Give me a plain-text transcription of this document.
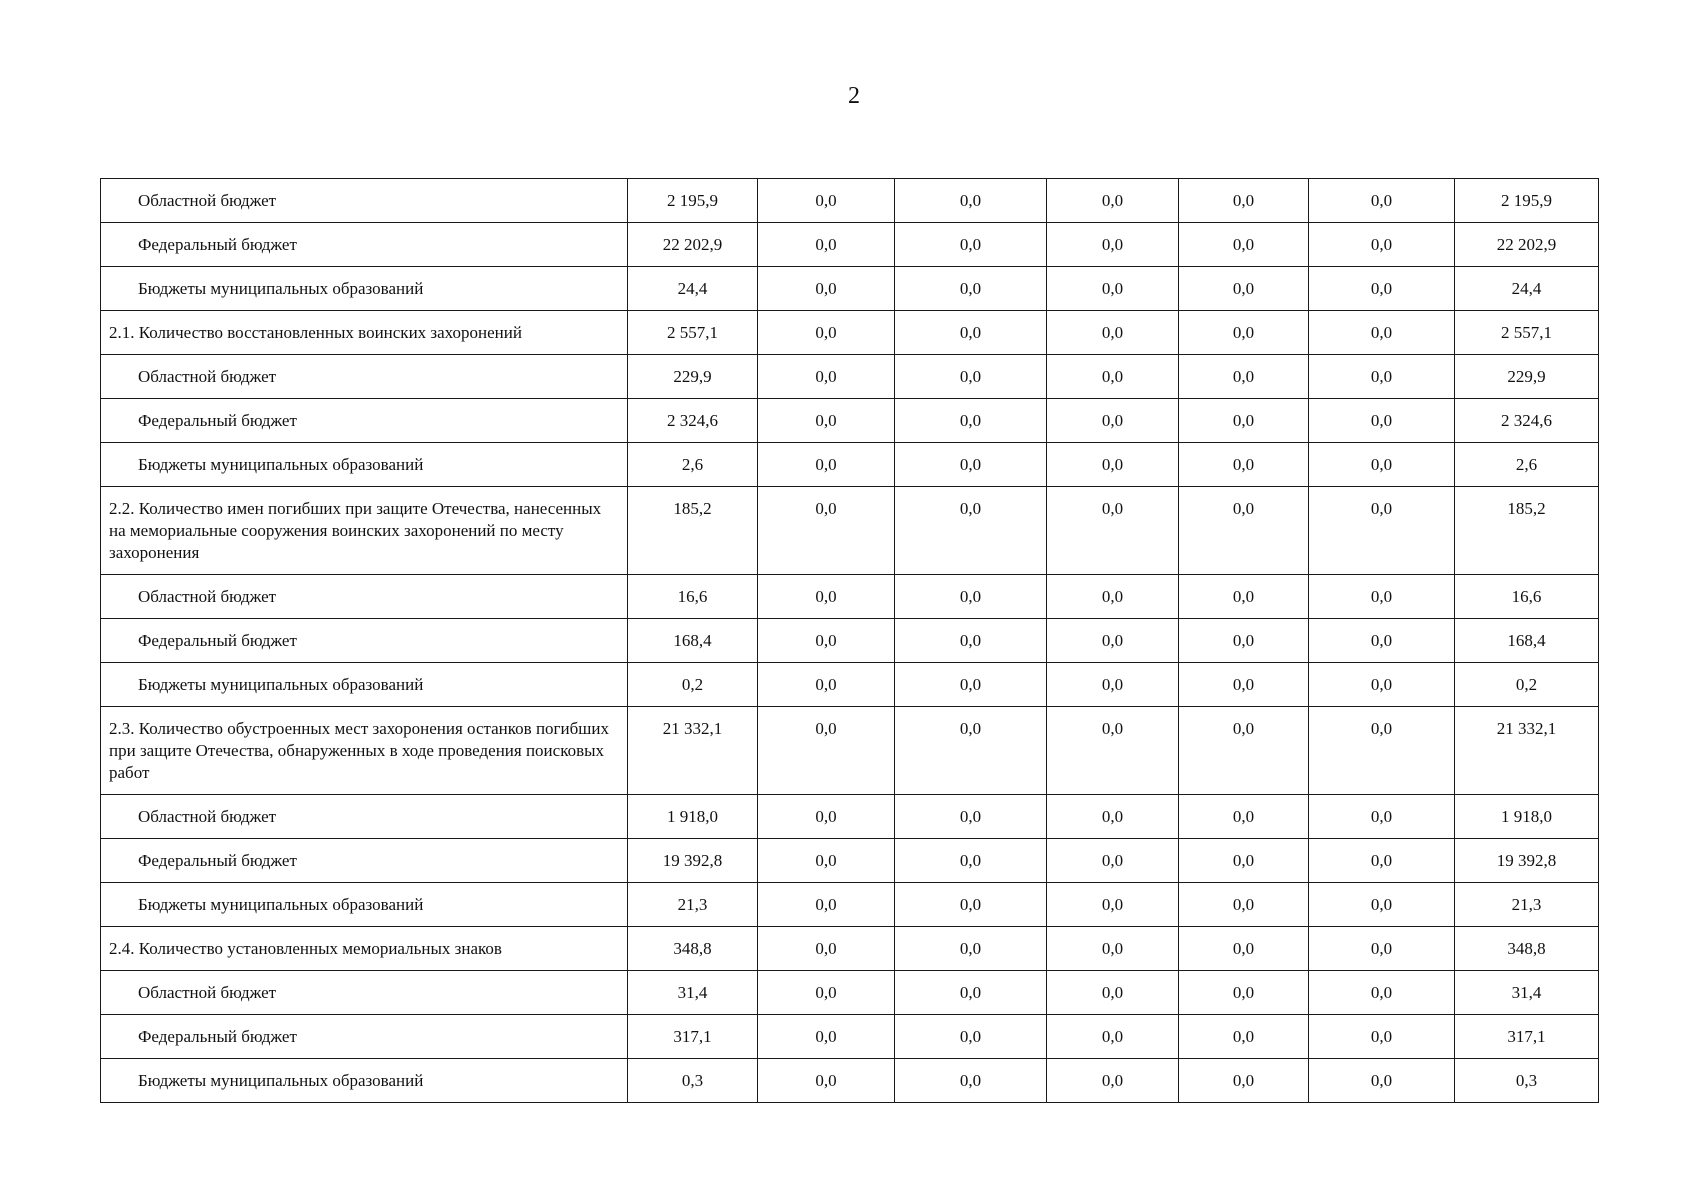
2
Областной бюджет	2 195,9	0,0	0,0	0,0	0,0	0,0	2 195,9
Федеральный бюджет	22 202,9	0,0	0,0	0,0	0,0	0,0	22 202,9
Бюджеты муниципальных образований	24,4	0,0	0,0	0,0	0,0	0,0	24,4
2.1. Количество восстановленных воинских захоронений	2 557,1	0,0	0,0	0,0	0,0	0,0	2 557,1
Областной бюджет	229,9	0,0	0,0	0,0	0,0	0,0	229,9
Федеральный бюджет	2 324,6	0,0	0,0	0,0	0,0	0,0	2 324,6
Бюджеты муниципальных образований	2,6	0,0	0,0	0,0	0,0	0,0	2,6
2.2. Количество имен погибших при защите Отечества, нанесенных на мемориальные сооружения воинских захоронений по месту захоронения	185,2	0,0	0,0	0,0	0,0	0,0	185,2
Областной бюджет	16,6	0,0	0,0	0,0	0,0	0,0	16,6
Федеральный бюджет	168,4	0,0	0,0	0,0	0,0	0,0	168,4
Бюджеты муниципальных образований	0,2	0,0	0,0	0,0	0,0	0,0	0,2
2.3. Количество обустроенных мест захоронения останков погибших при защите Отечества, обнаруженных в ходе проведения поисковых работ	21 332,1	0,0	0,0	0,0	0,0	0,0	21 332,1
Областной бюджет	1 918,0	0,0	0,0	0,0	0,0	0,0	1 918,0
Федеральный бюджет	19 392,8	0,0	0,0	0,0	0,0	0,0	19 392,8
Бюджеты муниципальных образований	21,3	0,0	0,0	0,0	0,0	0,0	21,3
2.4. Количество установленных мемориальных знаков	348,8	0,0	0,0	0,0	0,0	0,0	348,8
Областной бюджет	31,4	0,0	0,0	0,0	0,0	0,0	31,4
Федеральный бюджет	317,1	0,0	0,0	0,0	0,0	0,0	317,1
Бюджеты муниципальных образований	0,3	0,0	0,0	0,0	0,0	0,0	0,3
